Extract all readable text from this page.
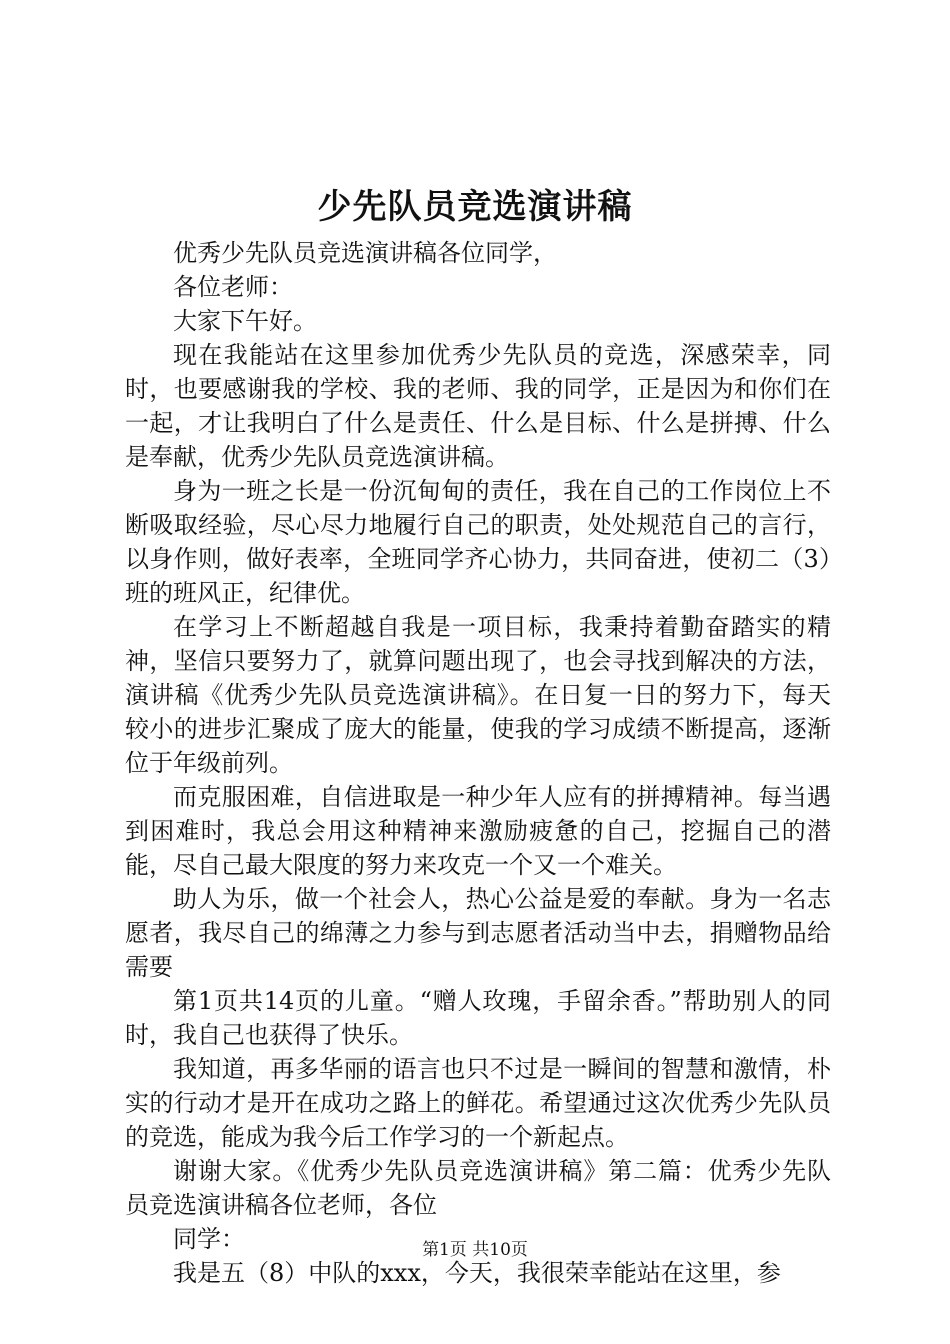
少先队员竞选演讲稿

优秀少先队员竞选演讲稿各位同学，

各位老师：

大家下午好。

现在我能站在这里参加优秀少先队员的竞选，深感荣幸，同时，也要感谢我的学校、我的老师、我的同学，正是因为和你们在一起，才让我明白了什么是责任、什么是目标、什么是拼搏、什么是奉献，优秀少先队员竞选演讲稿。

身为一班之长是一份沉甸甸的责任，我在自己的工作岗位上不断吸取经验，尽心尽力地履行自己的职责，处处规范自己的言行，以身作则，做好表率，全班同学齐心协力，共同奋进，使初二（3）班的班风正，纪律优。

在学习上不断超越自我是一项目标，我秉持着勤奋踏实的精神，坚信只要努力了，就算问题出现了，也会寻找到解决的方法，演讲稿《优秀少先队员竞选演讲稿》。在日复一日的努力下，每天较小的进步汇聚成了庞大的能量，使我的学习成绩不断提高，逐渐位于年级前列。

而克服困难，自信进取是一种少年人应有的拼搏精神。每当遇到困难时，我总会用这种精神来激励疲惫的自己，挖掘自己的潜能，尽自己最大限度的努力来攻克一个又一个难关。

助人为乐，做一个社会人，热心公益是爱的奉献。身为一名志愿者，我尽自己的绵薄之力参与到志愿者活动当中去，捐赠物品给需要

第1页共14页的儿童。“赠人玫瑰，手留余香。”帮助别人的同时，我自己也获得了快乐。

我知道，再多华丽的语言也只不过是一瞬间的智慧和激情，朴实的行动才是开在成功之路上的鲜花。希望通过这次优秀少先队员的竞选，能成为我今后工作学习的一个新起点。

谢谢大家。《优秀少先队员竞选演讲稿》第二篇：优秀少先队员竞选演讲稿各位老师，各位

同学：

我是五（8）中队的xxx，今天，我很荣幸能站在这里，参

第1页 共10页
